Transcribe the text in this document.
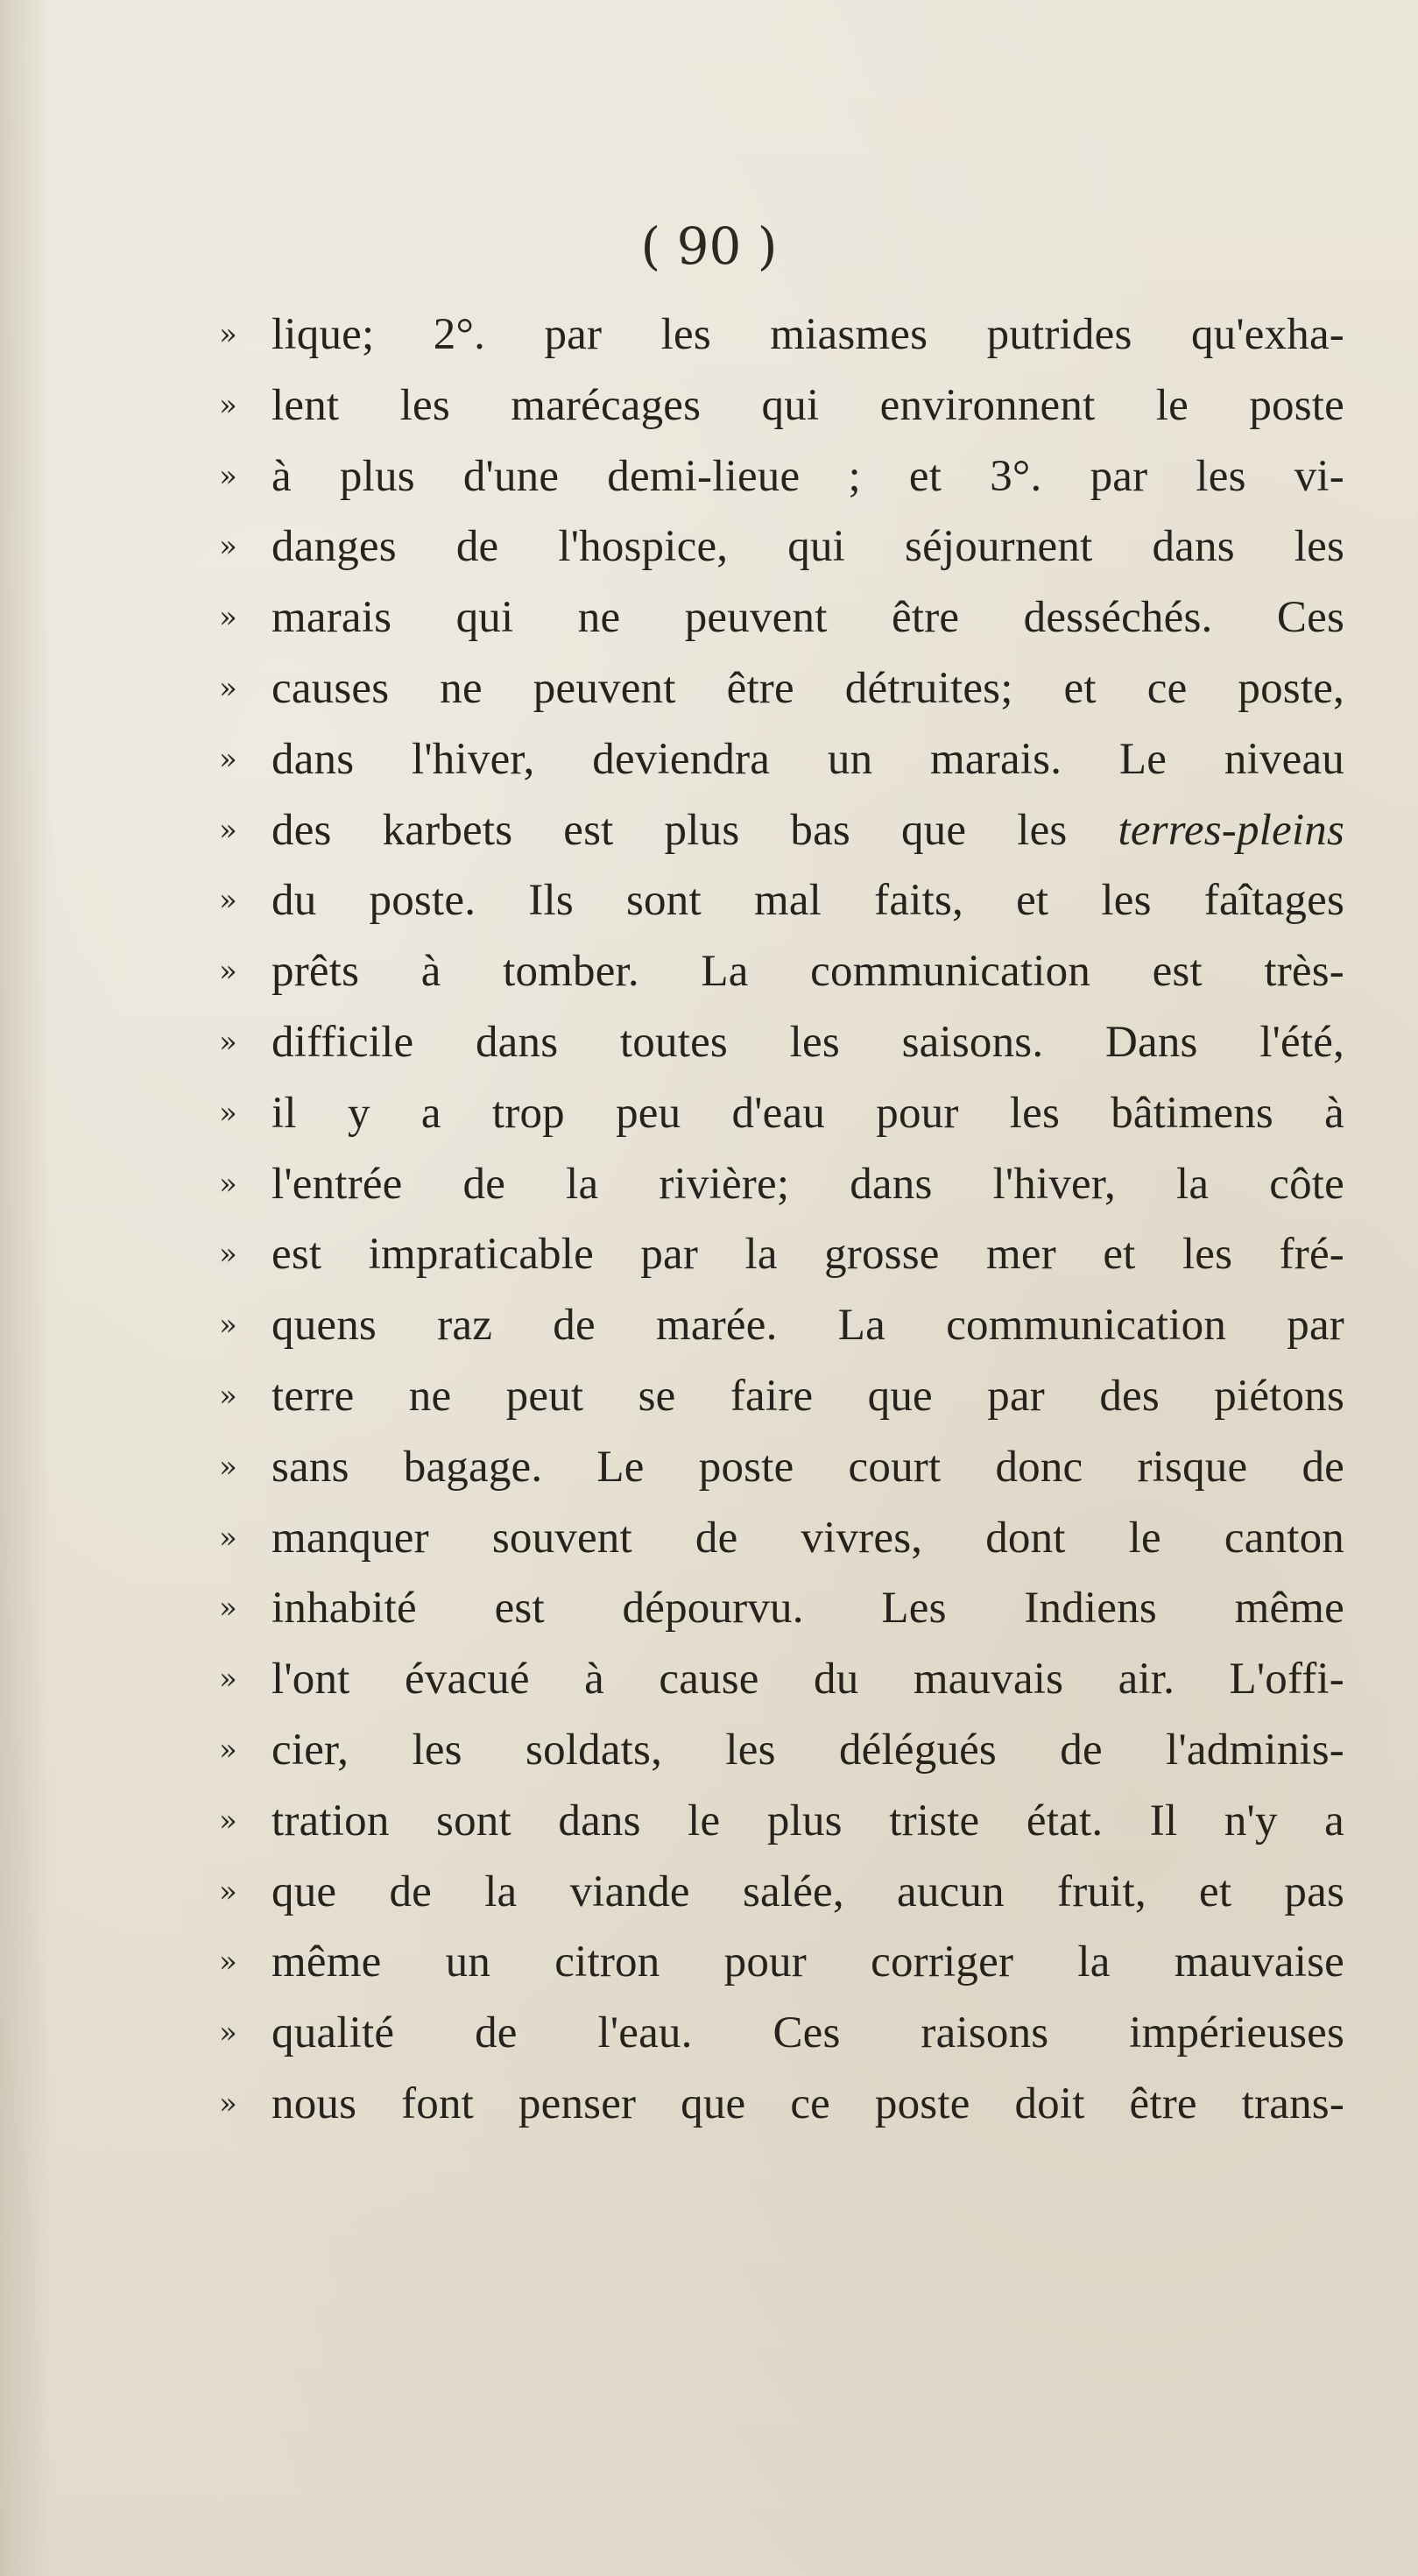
( 90 )
» lique; 2°. par les miasmes putrides qu'exha-
» lent les marécages qui environnent le poste
» à plus d'une demi-lieue ; et 3°. par les vi-
» danges de l'hospice, qui séjournent dans les
» marais qui ne peuvent être desséchés. Ces
» causes ne peuvent être détruites; et ce poste,
» dans l'hiver, deviendra un marais. Le niveau
» des karbets est plus bas que les terres-pleins
» du poste. Ils sont mal faits, et les faîtages
» prêts à tomber. La communication est très-
» difficile dans toutes les saisons. Dans l'été,
» il y a trop peu d'eau pour les bâtimens à
» l'entrée de la rivière; dans l'hiver, la côte
» est impraticable par la grosse mer et les fré-
» quens raz de marée. La communication par
» terre ne peut se faire que par des piétons
» sans bagage. Le poste court donc risque de
» manquer souvent de vivres, dont le canton
» inhabité est dépourvu. Les Indiens même
» l'ont évacué à cause du mauvais air. L'offi-
» cier, les soldats, les délégués de l'adminis-
» tration sont dans le plus triste état. Il n'y a
» que de la viande salée, aucun fruit, et pas
» même un citron pour corriger la mauvaise
» qualité de l'eau. Ces raisons impérieuses
» nous font penser que ce poste doit être trans-
